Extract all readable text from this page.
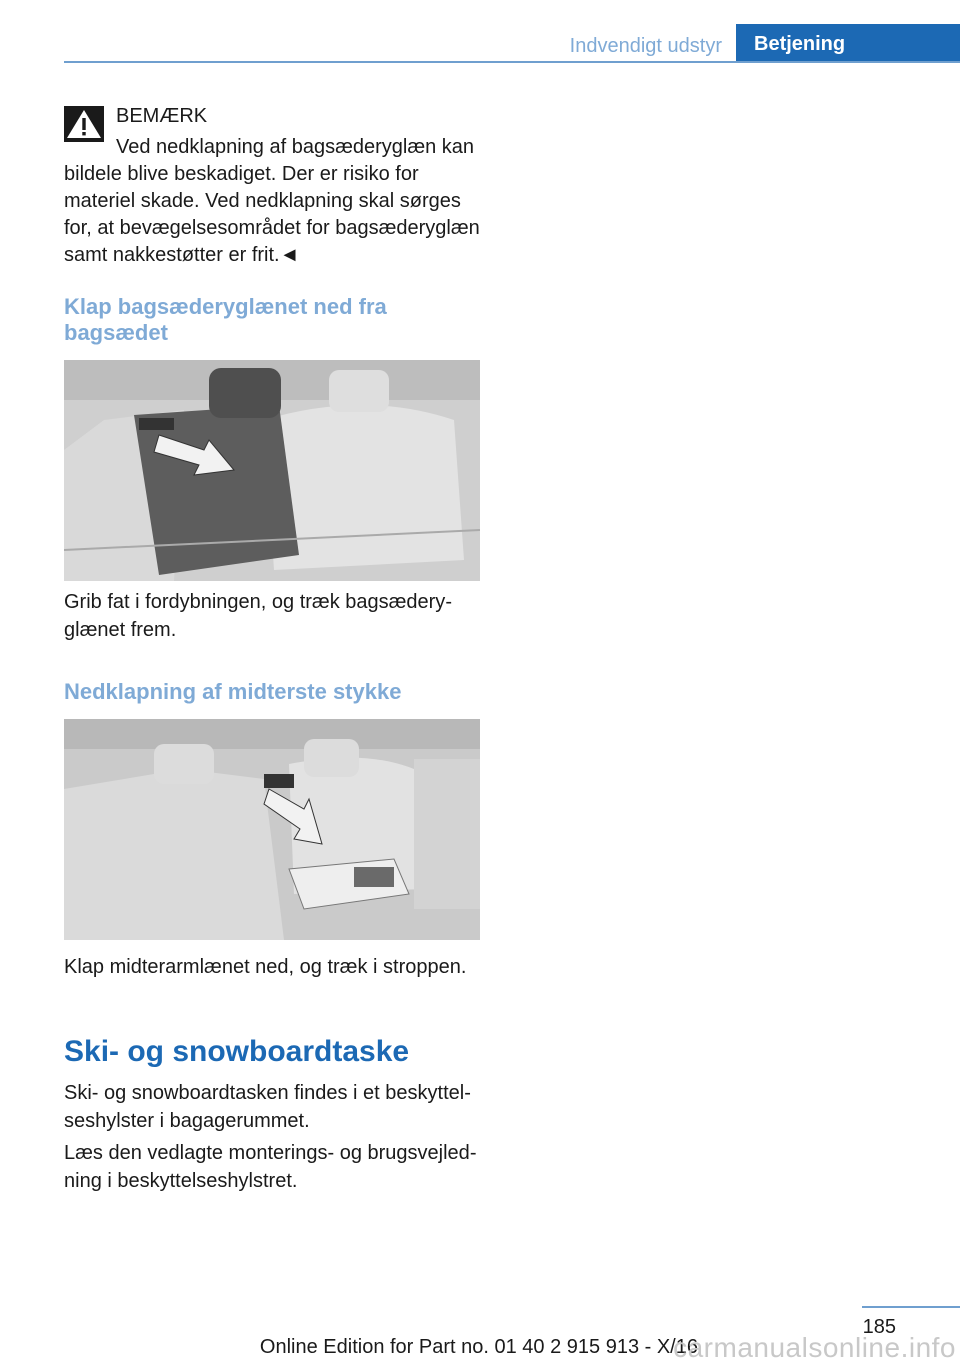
Indvendigt udstyr	Betjening
BEMÆRK
Ved nedklapning af bagsæderyglæn kan bildele blive beskadiget. Der er risiko for materiel skade. Ved nedklapning skal sørges for, at bevægelsesområdet for bagsæderyglæn samt nakkestøtter er frit.◄
Klap bagsæderyglænet ned fra bagsædet
Grib fat i fordybningen, og træk bagsæderyglænet frem.
Nedklapning af midterste stykke
Klap midterarmlænet ned, og træk i stroppen.
Ski- og snowboardtaske
Ski- og snowboardtasken findes i et beskyttelseshylster i bagagerummet.
Læs den vedlagte monterings- og brugsvejledning i beskyttelseshylstret.
185
Online Edition for Part no. 01 40 2 915 913 - X/16
carmanualsonline.info
